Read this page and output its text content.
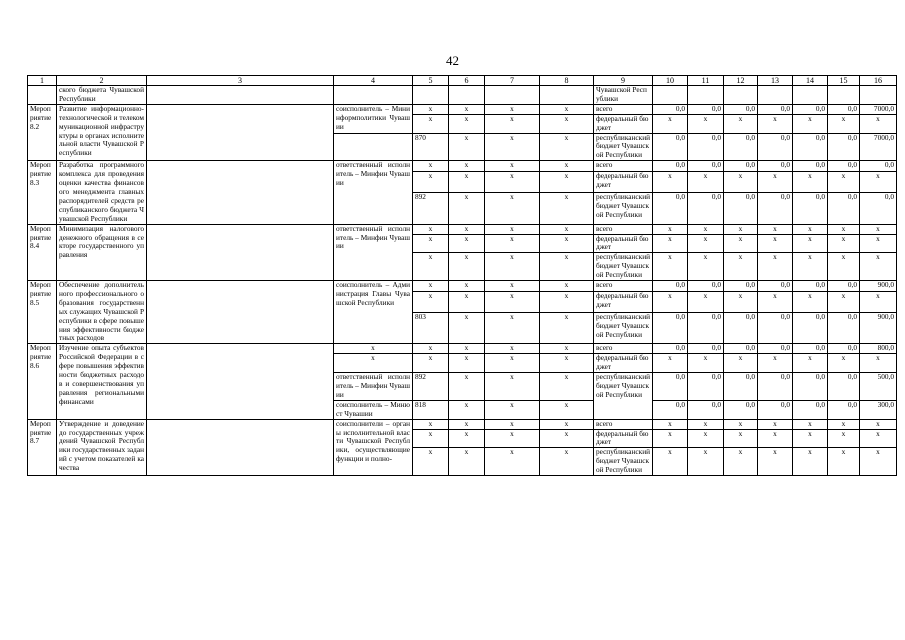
42
1	2	3	4	5	6	7	8	9	10	11	12	13	14	15	16
	ского бюджета Чувашской Республики							Чувашской Республики							
Мероприятие 8.2	Развитие информационно-технологической и телекоммуникационной инфраструктуры в органах исполнительной власти Чувашской Республики		соисполнитель – Мининформполитики Чувашии	x	x	x	x	всего	0,0	0,0	0,0	0,0	0,0	0,0	7000,0
				x	x	x	x	федеральный бюджет	x	x	x	x	x	x	x
				870	x	x	x	республиканский бюджет Чувашской Республики	0,0	0,0	0,0	0,0	0,0	0,0	7000,0
Мероприятие 8.3	Разработка программного комплекса для проведения оценки качества финансового менеджмента главных распорядителей средств республиканского бюджета Чувашской Республики		ответственный исполнитель – Минфин Чувашии	x	x	x	x	всего	0,0	0,0	0,0	0,0	0,0	0,0	0,0
				x	x	x	x	федеральный бюджет	x	x	x	x	x	x	x
				892	x	x	x	республиканский бюджет Чувашской Республики	0,0	0,0	0,0	0,0	0,0	0,0	0,0
Мероприятие 8.4	Минимизация налогового денежного обращения в секторе государственного управления		ответственный исполнитель – Минфин Чувашии	x	x	x	x	всего	x	x	x	x	x	x	x
				x	x	x	x	федеральный бюджет	x	x	x	x	x	x	x
				x	x	x	x	республиканский бюджет Чувашской Республики	x	x	x	x	x	x	x
Мероприятие 8.5	Обеспечение дополнительного профессионального образования государственных служащих Чувашской Республики в сфере повышения эффективности бюджетных расходов		соисполнитель – Администрация Главы Чувашской Республики	x	x	x	x	всего	0,0	0,0	0,0	0,0	0,0	0,0	900,0
				x	x	x	x	федеральный бюджет	x	x	x	x	x	x	x
				803	x	x	x	республиканский бюджет Чувашской Республики	0,0	0,0	0,0	0,0	0,0	0,0	900,0
Мероприятие 8.6	Изучение опыта субъектов Российской Федерации в сфере повышения эффективности бюджетных расходов и совершенствования управления региональными финансами		x	x	x	x	x	всего	0,0	0,0	0,0	0,0	0,0	0,0	800,0
			x	x	x	x	x	федеральный бюджет	x	x	x	x	x	x	x
			ответственный исполнитель – Минфин Чувашии	892	x	x	x	республиканский бюджет Чувашской Республики	0,0	0,0	0,0	0,0	0,0	0,0	500,0
			соисполнитель – Минюст Чувашии	818	x	x	x		0,0	0,0	0,0	0,0	0,0	0,0	300,0
Мероприятие 8.7	Утверждение и доведение до государственных учреждений Чувашской Республики государственных заданий с учетом показателей качества		соисполнители – органы исполнительной власти Чувашской Республики, осуществляющие функции и полно-	x	x	x	x	всего	x	x	x	x	x	x	x
				x	x	x	x	федеральный бюджет	x	x	x	x	x	x	x
				x	x	x	x	республиканский бюджет Чувашской Республики	x	x	x	x	x	x	x
